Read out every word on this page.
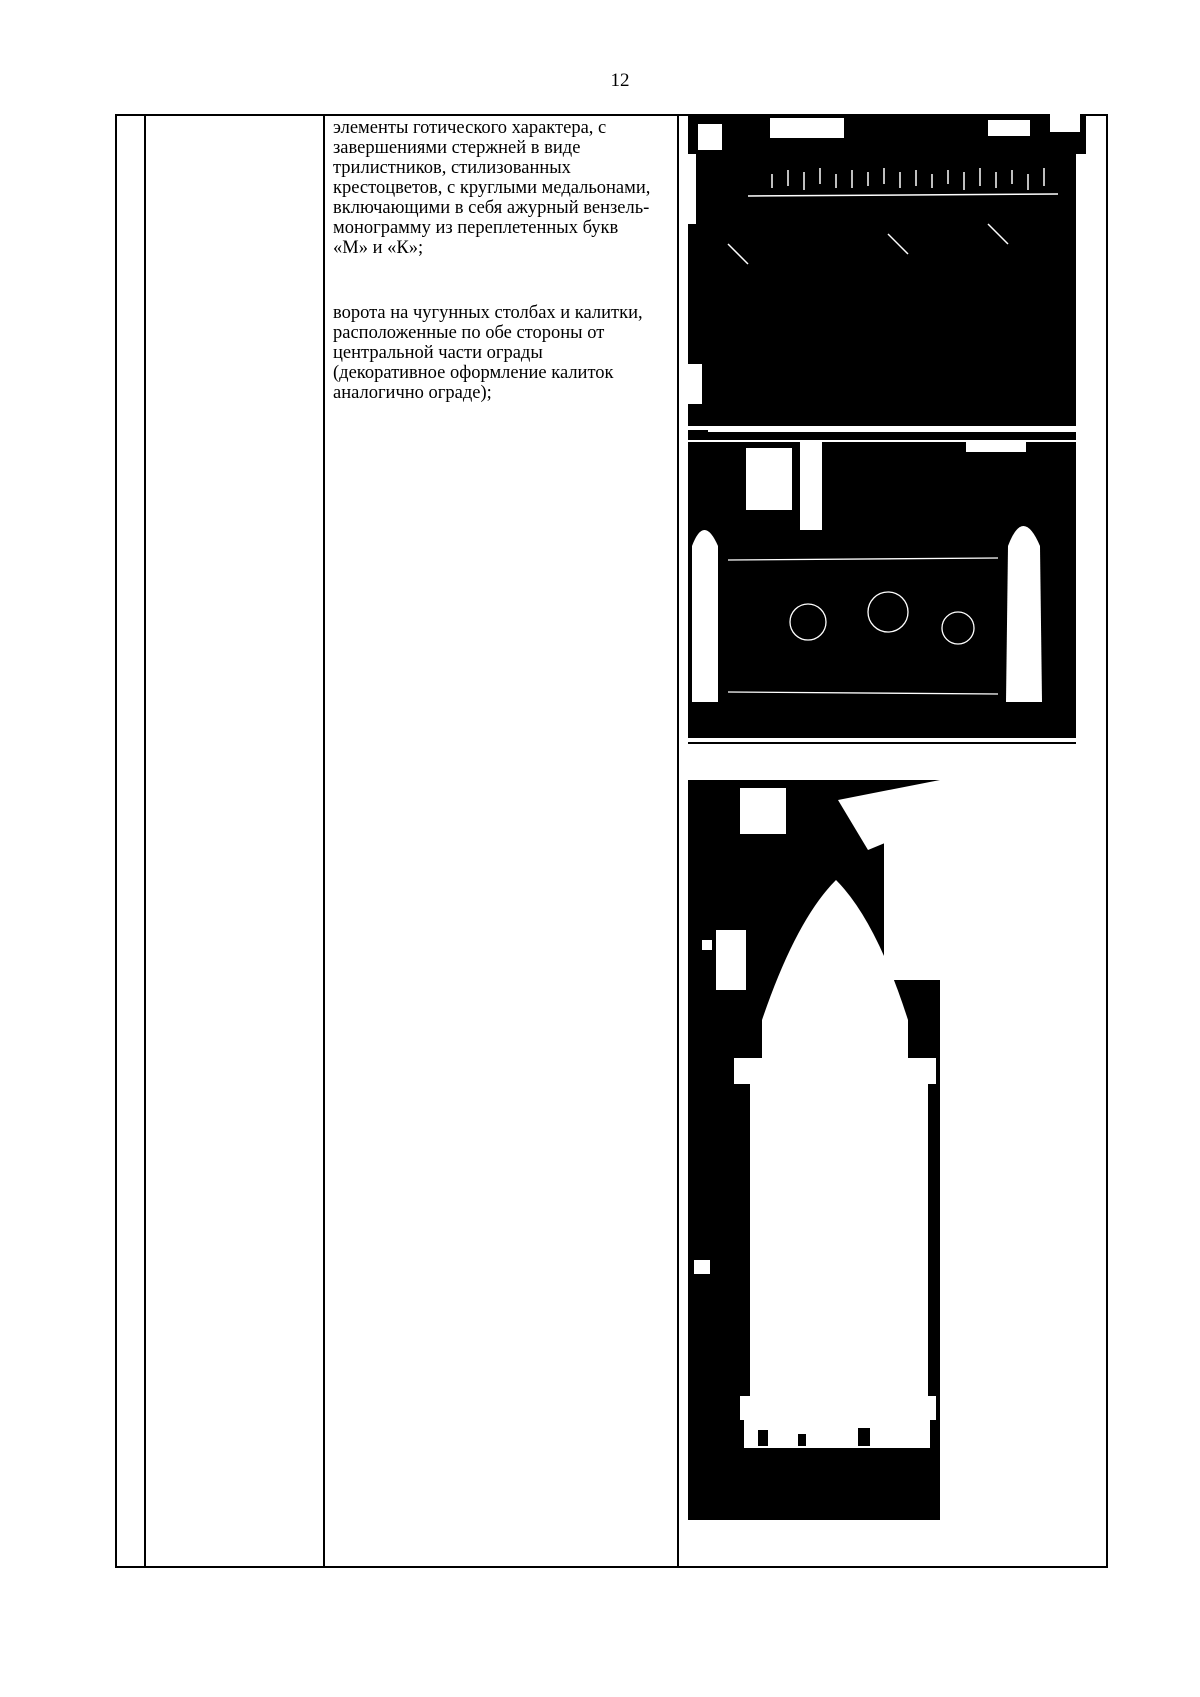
12

элементы готического характера, с завершениями стержней в виде трилистников, стилизованных крестоцветов, с круглыми медальонами, включающими в себя ажурный вензель-монограмму из переплетенных букв «М» и «К»;

ворота на чугунных столбах и калитки, расположенные по обе стороны от центральной части ограды (декоративное оформление калиток аналогично ограде);
